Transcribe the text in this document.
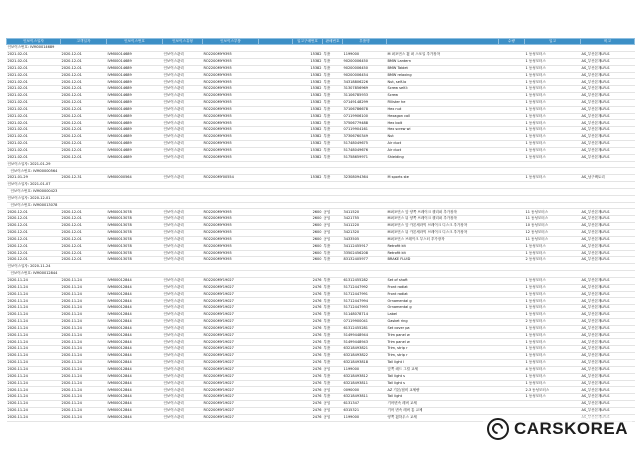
인보이스일자	고객일자	인보이스번호	인보이스유형	인보이스부품		입고구매번호	판매번호	부품명		수량	입고	비고
인보이스번호: IVM00014689												
2021-02-01	2020-12-01	IVM00014689	인보이스관리	RO2200MY9393		15382	부품	1199000	M 퍼포먼스 휠 퍼 스포일 추가장착		1 동성모터스	AS_부산본재LFLS
2021-02-01	2020-12-01	IVM00014689	인보이스관리	RO2200MY9393		15382	부품	90200006450	BMW Lantern		1 동성모터스	AS_부산본재LFLS
2021-02-01	2020-12-01	IVM00014689	인보이스관리	RO2200MY9393		15382	부품	90200006450	BMW Tablet		1 동성모터스	AS_부산본재LFLS
2021-02-01	2020-12-01	IVM00014689	인보이스관리	RO2200MY9393		15382	부품	90200006454	BMW relaxing		1 동성모터스	AS_부산본재LFLS
2021-02-01	2020-12-01	IVM00014689	인보이스관리	RO2200MY9393		15382	부품	34318806226	Nut, self-lo		1 동성모터스	AS_부산본재LFLS
2021-02-01	2020-12-01	IVM00014689	인보이스관리	RO2200MY9393		15382	부품	31307856969	Screw self-t		1 동성모터스	AS_부산본재LFLS
2021-02-01	2020-12-01	IVM00014689	인보이스관리	RO2200MY9393		15382	부품	31106785933	Screw		1 동성모터스	AS_부산본재LFLS
2021-02-01	2020-12-01	IVM00014689	인보이스관리	RO2200MY9393		15382	부품	07149148299	Fillister he		1 동성모터스	AS_부산본재LFLS
2021-02-01	2020-12-01	IVM00014689	인보이스관리	RO2200MY9393		15382	부품	37106786678	Hex nut		1 동성모터스	AS_부산본재LFLS
2021-02-01	2020-12-01	IVM00014689	인보이스관리	RO2200MY9393		15382	부품	07119906100	Hexagon coll		1 동성모터스	AS_부산본재LFLS
2021-02-01	2020-12-01	IVM00014689	인보이스관리	RO2200MY9393		15382	부품	37506779488	Hex bolt		1 동성모터스	AS_부산본재LFLS
2021-02-01	2020-12-01	IVM00014689	인보이스관리	RO2200MY9393		15382	부품	07119904161	Hex screw wi		1 동성모터스	AS_부산본재LFLS
2021-02-01	2020-12-01	IVM00014689	인보이스관리	RO2200MY9393		15382	부품	37306760349	Nut		1 동성모터스	AS_부산본재LFLS
2021-02-01	2020-12-01	IVM00014689	인보이스관리	RO2200MY9393		15382	부품	51748049675	Air duct		1 동성모터스	AS_부산본재LFLS
2021-02-01	2020-12-01	IVM00014689	인보이스관리	RO2200MY9393		15382	부품	51748049676	Air duct		1 동성모터스	AS_부산본재LFLS
2021-02-01	2020-12-01	IVM00014689	인보이스관리	RO2200MY9393		15382	부품	51758659971	Shielding		1 동성모터스	AS_부산본재LFLS
인보이스일자: 2021-01-29												
인보이스번호: IVM00000564												
2021-01-29	2020-12-31	IVM00000564	인보이스관리	RO2200MY00554		15382	부품	32308094364	M sports ste		1 동성모터스	AS_남구택토리
인보이스일자: 2021-01-07												
인보이스번호: IVM00000423												
인보이스일자: 2020-12-01												
인보이스번호: IVM00013078												
2020-12-01	2020-12-01	IVM00013078	인보이스관리	RO2200MY9393		2600	공임	3411520	M퍼포먼스 앞 양쪽 브레이크 캘리퍼 추가장착		11 동성모터스	AS_부산본재LFLS
2020-12-01	2020-12-01	IVM00013078	인보이스관리	RO2200MY9393		2600	공임	3421755	M퍼포먼스 뒤 양쪽 브레이크 캘리퍼 추가장착		11 동성모터스	AS_부산본재LFLS
2020-12-01	2020-12-01	IVM00013078	인보이스관리	RO2200MY9393		2600	공임	3411220	M퍼포먼스 앞 카본세라믹 브레이크 디스크 추가장착		10 동성모터스	AS_부산본재LFLS
2020-12-01	2020-12-01	IVM00013078	인보이스관리	RO2200MY9393		2600	공임	3421320	M퍼포먼스 뒤 카본세라믹 브레이크 디스크 추가장착		12 동성모터스	AS_부산본재LFLS
2020-12-01	2020-12-01	IVM00013078	인보이스관리	RO2200MY9393		2600	공임	3433505	M퍼포먼스 브레이크 부스터 추가장착		11 동성모터스	AS_부산본재LFLS
2020-12-01	2020-12-01	IVM00013078	인보이스관리	RO2200MY9393		2600	부품	34112455917	Retrofit kit		1 동성모터스	AS_부산본재LFLS
2020-12-01	2020-12-01	IVM00013078	인보이스관리	RO2200MY9393		2600	부품	33502456208	Retrofit kit		1 동성모터스	AS_부산본재LFLS
2020-12-01	2020-12-01	IVM00013078	인보이스관리	RO2200MY9393		2600	부품	83132405977	BRAKE FLUID		2 동성모터스	AS_부산본재LFLS
인보이스일자: 2020-11-24												
인보이스번호: IVM00012844												
2020-11-24	2020-11-24	IVM00012844	인보이스관리	RO2200MY19027		2476	부품	61312455282	Set of shaft		1 동성모터스	AS_부산본재LFLS
2020-11-24	2020-11-24	IVM00012844	인보이스관리	RO2200MY19027		2476	부품	51712447992	Front radiat		1 동성모터스	AS_부산본재LFLS
2020-11-24	2020-11-24	IVM00012844	인보이스관리	RO2200MY19027		2476	부품	51712447991	Front radiat		1 동성모터스	AS_부산본재LFLS
2020-11-24	2020-11-24	IVM00012844	인보이스관리	RO2200MY19027		2476	부품	51712447994	Ornamental g		1 동성모터스	AS_부산본재LFLS
2020-11-24	2020-11-24	IVM00012844	인보이스관리	RO2200MY19027		2476	부품	51712447993	Ornamental g		1 동성모터스	AS_부산본재LFLS
2020-11-24	2020-11-24	IVM00012844	인보이스관리	RO2200MY19027		2476	부품	51148078714	Label		1 동성모터스	AS_부산본재LFLS
2020-11-24	2020-11-24	IVM00012844	인보이스관리	RO2200MY19027		2476	부품	07119900041	Gasket ring		2 동성모터스	AS_부산본재LFLS
2020-11-24	2020-11-24	IVM00012844	인보이스관리	RO2200MY19027		2476	부품	61312455281	Set cover pa		1 동성모터스	AS_부산본재LFLS
2020-11-24	2020-11-24	IVM00012844	인보이스관리	RO2200MY19027		2476	부품	51499448944	Trim panel w		1 동성모터스	AS_부산본재LFLS
2020-11-24	2020-11-24	IVM00012844	인보이스관리	RO2200MY19027		2476	부품	51499448943	Trim panel w		1 동성모터스	AS_부산본재LFLS
2020-11-24	2020-11-24	IVM00012844	인보이스관리	RO2200MY19027		2476	부품	63218493821	Trim, strip r		1 동성모터스	AS_부산본재LFLS
2020-11-24	2020-11-24	IVM00012844	인보이스관리	RO2200MY19027		2476	부품	63218493822	Trim, strip r		1 동성모터스	AS_부산본재LFLS
2020-11-24	2020-11-24	IVM00012844	인보이스관리	RO2200MY19027		2476	부품	63218493818	Tail light l		1 동성모터스	AS_부산본재LFLS
2020-11-24	2020-11-24	IVM00012844	인보이스관리	RO2200MY19027		2476	공임	1199000	앞쪽 헤드 그릴 교체		4 동성모터스	AS_부산본재LFLS
2020-11-24	2020-11-24	IVM00012844	인보이스관리	RO2200MY19027		2476	부품	63218493812	Tail light s		1 동성모터스	AS_부산본재LFLS
2020-11-24	2020-11-24	IVM00012844	인보이스관리	RO2200MY19027		2476	부품	63218493811	Tail light s		1 동성모터스	AS_부산본재LFLS
2020-11-24	2020-11-24	IVM00012844	인보이스관리	RO2200MY19027		2476	공임	0090000	AZ 기본/접비 교체량		2.3 동성모터스	AS_부산본재LFLS
2020-11-24	2020-11-24	IVM00012844	인보이스관리	RO2200MY19027		2476	부품	63218493811	Tail light		1 동성모터스	AS_부산본재LFLS
2020-11-24	2020-11-24	IVM00012844	인보이스관리	RO2200MY19027		2476	공임	6131347	기어변속 레버 교체			AS_부산본재LFLS
2020-11-24	2020-11-24	IVM00012844	인보이스관리	RO2200MY19027		2476	공임	6315321	기어 변속 레버 통 교체			AS_부산본재LFLS
2020-11-24	2020-11-24	IVM00012844	인보이스관리	RO2200MY19027		2476	공임	1199000	양쪽 휠하우스 교체			
CARSKOREA
